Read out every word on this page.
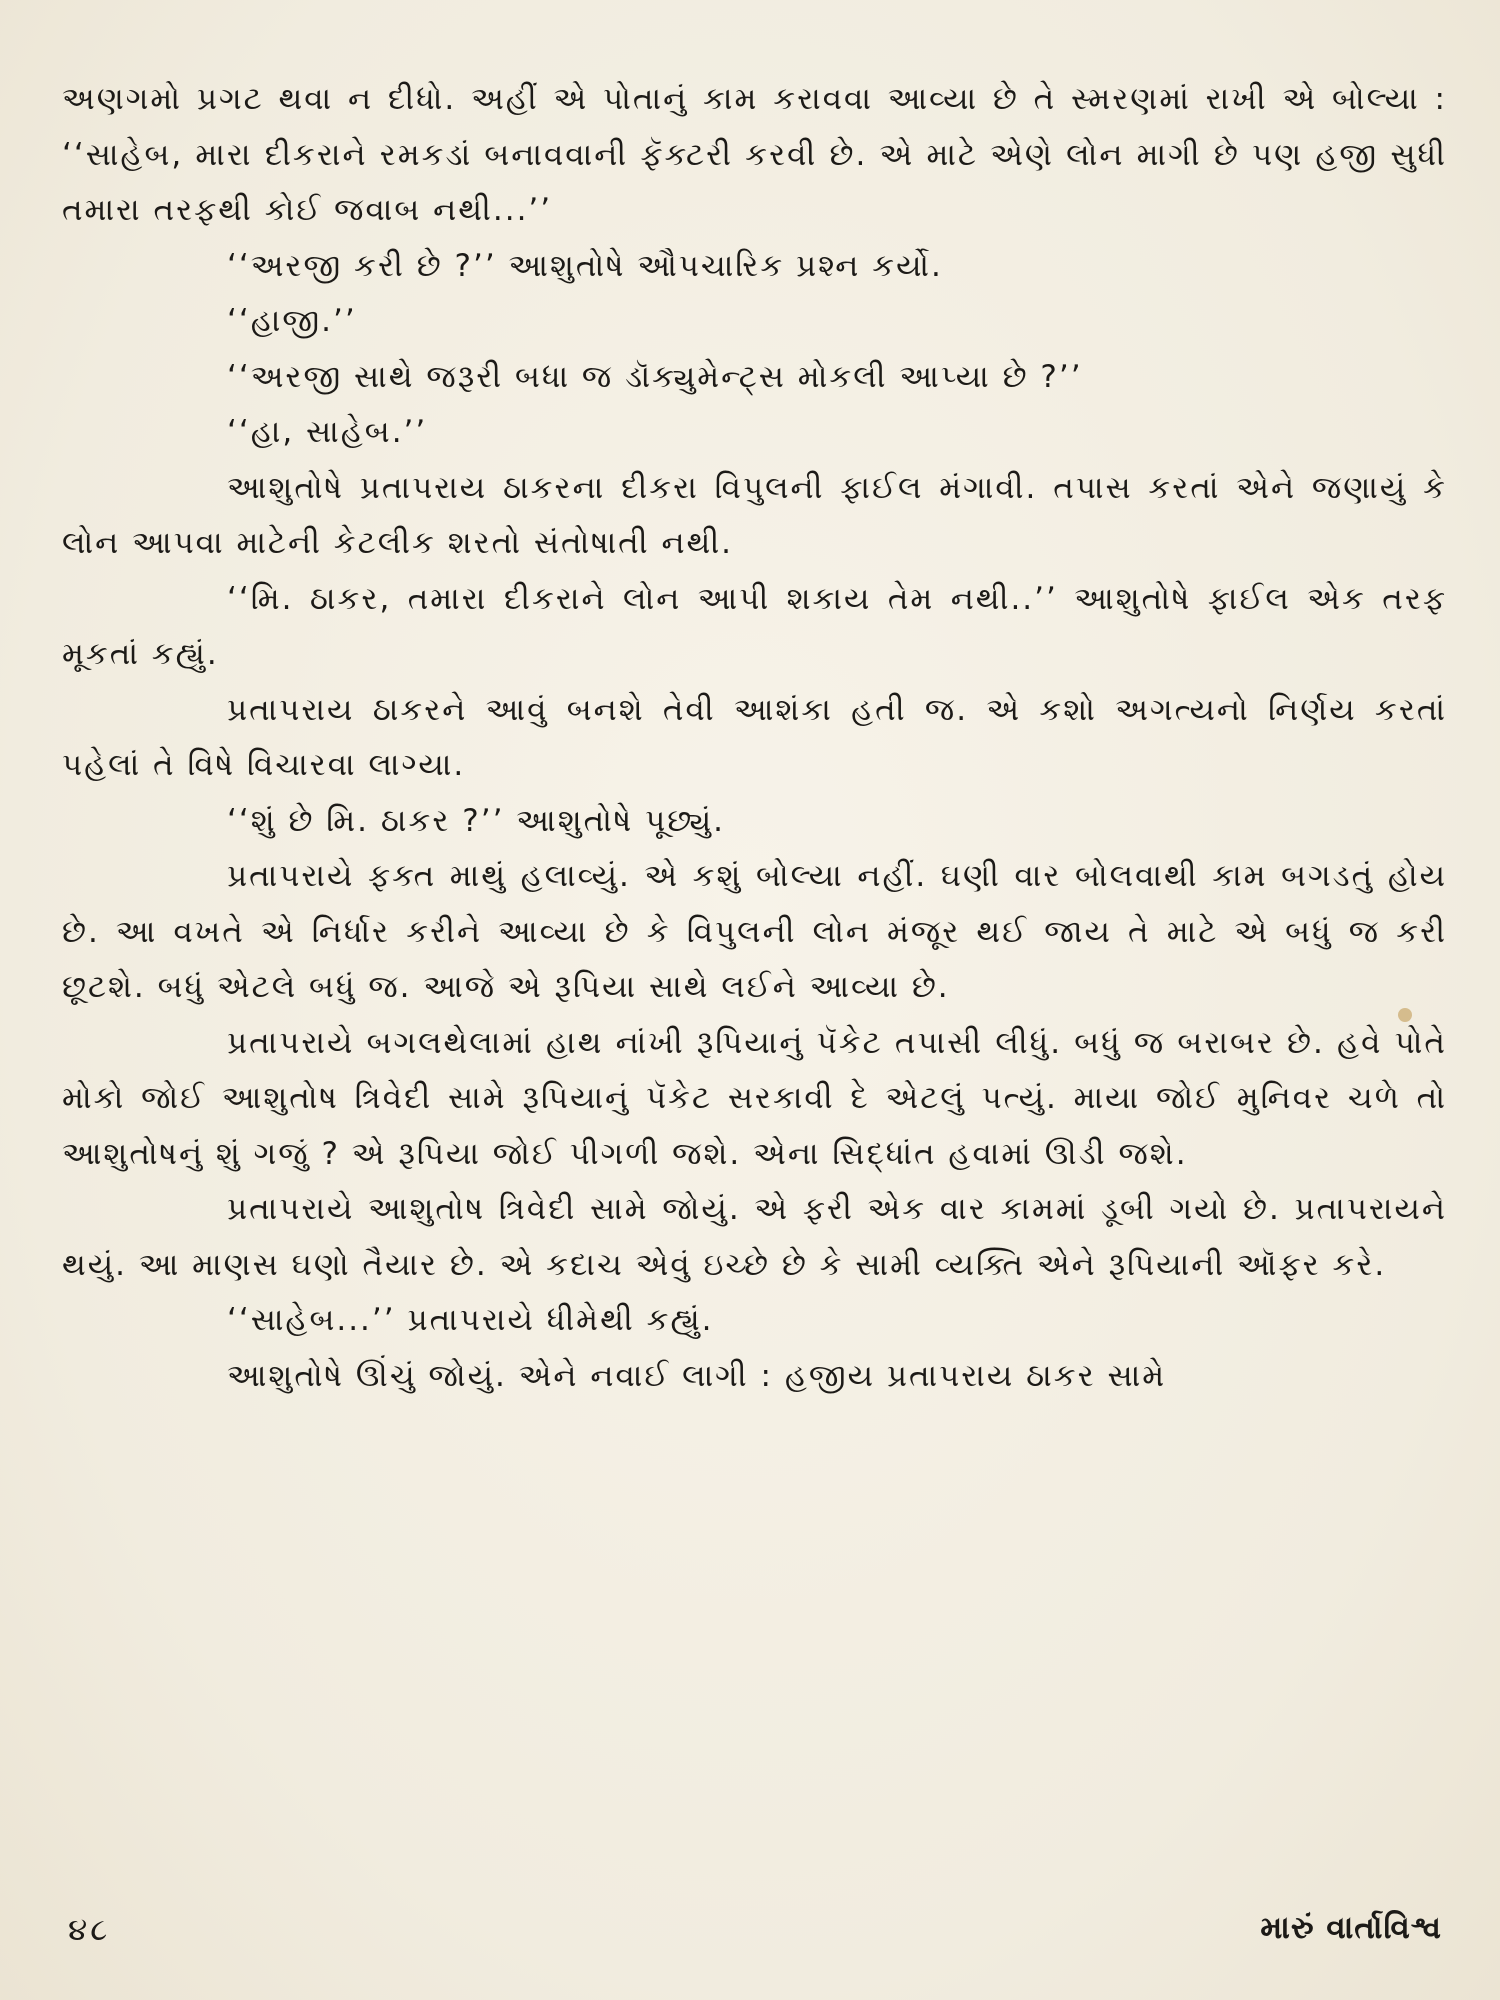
અણગમો પ્રગટ થવા ન દીધો. અહીં એ પોતાનું કામ કરાવવા આવ્યા છે તે સ્મરણમાં રાખી એ બોલ્યા : ‘‘સાહેબ, મારા દીકરાને રમકડાં બનાવવાની ફૅક્ટરી કરવી છે. એ માટે એણે લોન માગી છે પણ હજી સુધી તમારા તરફથી કોઈ જવાબ નથી...’’

‘‘અરજી કરી છે ?’’ આશુતોષે ઔપચારિક પ્રશ્ન કર્યો.

‘‘હાજી.’’

‘‘અરજી સાથે જરૂરી બધા જ ડૉક્યુમેન્ટ્સ મોકલી આપ્યા છે ?’’

‘‘હા, સાહેબ.’’

આશુતોષે પ્રતાપરાય ઠાકરના દીકરા વિપુલની ફાઈલ મંગાવી. તપાસ કરતાં એને જણાયું કે લોન આપવા માટેની કેટલીક શરતો સંતોષાતી નથી.

‘‘મિ. ઠાકર, તમારા દીકરાને લોન આપી શકાય તેમ નથી..’’ આશુતોષે ફાઈલ એક તરફ મૂકતાં કહ્યું.

પ્રતાપરાય ઠાકરને આવું બનશે તેવી આશંકા હતી જ. એ કશો અગત્યનો નિર્ણય કરતાં પહેલાં તે વિષે વિચારવા લાગ્યા.

‘‘શું છે મિ. ઠાકર ?’’ આશુતોષે પૂછ્યું.

પ્રતાપરાયે ફક્ત માથું હલાવ્યું. એ કશું બોલ્યા નહીં. ઘણી વાર બોલવાથી કામ બગડતું હોય છે. આ વખતે એ નિર્ધાર કરીને આવ્યા છે કે વિપુલની લોન મંજૂર થઈ જાય તે માટે એ બધું જ કરી છૂટશે. બધું એટલે બધું જ. આજે એ રૂપિયા સાથે લઈને આવ્યા છે.

પ્રતાપરાયે બગલથેલામાં હાથ નાંખી રૂપિયાનું પૅકેટ તપાસી લીધું. બધું જ બરાબર છે. હવે પોતે મોકો જોઈ આશુતોષ ત્રિવેદી સામે રૂપિયાનું પૅકેટ સરકાવી દે એટલું પત્યું. માયા જોઈ મુનિવર ચળે તો આશુતોષનું શું ગજું ? એ રૂપિયા જોઈ પીગળી જશે. એના સિદ્ધાંત હવામાં ઊડી જશે.

પ્રતાપરાયે આશુતોષ ત્રિવેદી સામે જોયું. એ ફરી એક વાર કામમાં ડૂબી ગયો છે. પ્રતાપરાયને થયું. આ માણસ ઘણો તૈયાર છે. એ કદાચ એવું ઇચ્છે છે કે સામી વ્યક્તિ એને રૂપિયાની ઑફર કરે.

‘‘સાહેબ...’’ પ્રતાપરાયે ધીમેથી કહ્યું.

આશુતોષે ઊંચું જોયું. એને નવાઈ લાગી : હજીય પ્રતાપરાય ઠાકર સામે

૪૮	મારું વાર્તાવિશ્વ
